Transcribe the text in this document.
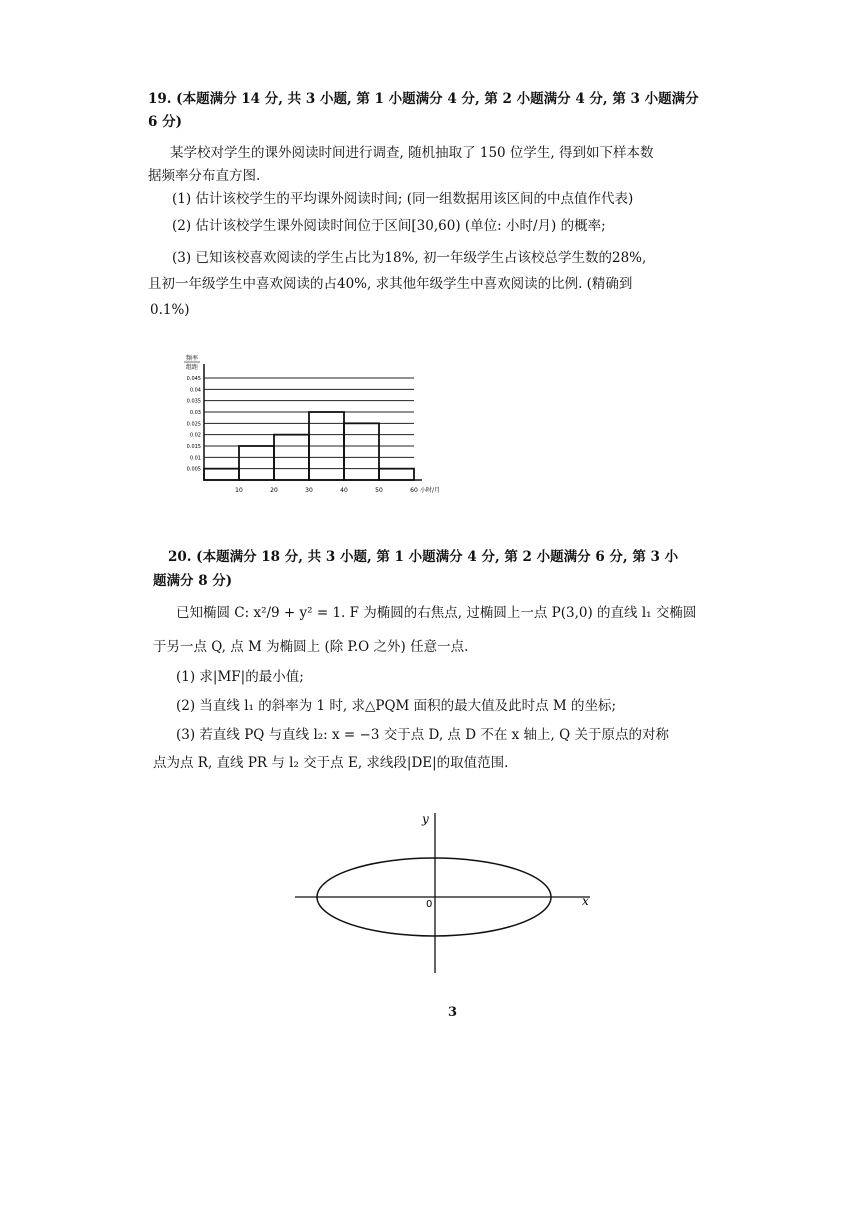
19. (本题满分 14 分, 共 3 小题, 第 1 小题满分 4 分, 第 2 小题满分 4 分, 第 3 小题满分
6 分)
某学校对学生的课外阅读时间进行调查, 随机抽取了 150 位学生, 得到如下样本数
据频率分布直方图.
(1) 估计该校学生的平均课外阅读时间; (同一组数据用该区间的中点值作代表)
(2) 估计该校学生课外阅读时间位于区间[30,60) (单位: 小时/月) 的概率;
(3) 已知该校喜欢阅读的学生占比为18%, 初一年级学生占该校总学生数的28%,
且初一年级学生中喜欢阅读的占40%, 求其他年级学生中喜欢阅读的比例. (精确到
0.1%)
0.005
0.01
0.015
0.02
0.025
0.03
0.035
0.04
0.045
10	20	30	40	50	60 小时/月
频率
组距
20. (本题满分 18 分, 共 3 小题, 第 1 小题满分 4 分, 第 2 小题满分 6 分, 第 3 小
题满分 8 分)
已知椭圆 C: x²/9 + y² = 1. F 为椭圆的右焦点, 过椭圆上一点 P(3,0) 的直线 l₁ 交椭圆
于另一点 Q, 点 M 为椭圆上 (除 P.O 之外) 任意一点.
(1) 求|MF|的最小值;
(2) 当直线 l₁ 的斜率为 1 时, 求△PQM 面积的最大值及此时点 M 的坐标;
(3) 若直线 PQ 与直线 l₂: x = −3 交于点 D, 点 D 不在 x 轴上, Q 关于原点的对称
点为点 R, 直线 PR 与 l₂ 交于点 E, 求线段|DE|的取值范围.
y
x
0
3
